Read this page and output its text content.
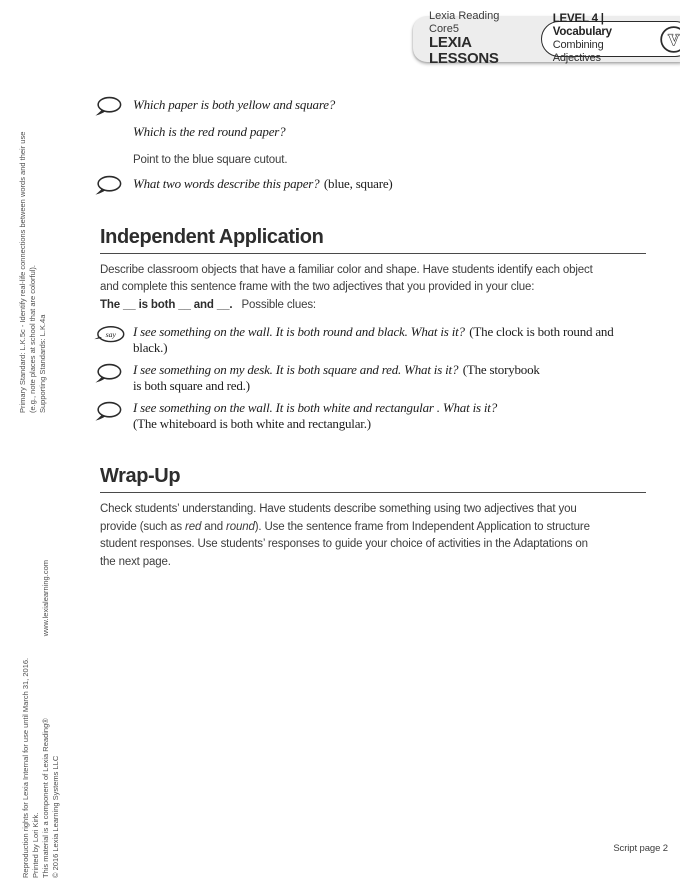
Lexia Reading Core5
LEXIA LESSONS
LEVEL 4 | Vocabulary
Combining Adjectives
V
Primary Standard: L.K.5c - Identify real-life connections between words and their use (e.g., note places at school that are colorful). Supporting Standards: L.K.4a
Reproduction rights for Lexia Internal for use until March 31, 2016. Printed by Lori Kirk. This material is a component of Lexia Reading®
www.lexialearning.com
© 2016 Lexia Learning Systems LLC
Which paper is both yellow and square?
Which is the red round paper?
Point to the blue square cutout.
What two words describe this paper? (blue, square)
Independent Application
Describe classroom objects that have a familiar color and shape. Have students identify each object
and complete this sentence frame with the two adjectives that you provided in your clue:
The __ is both __ and __. Possible clues:
say I see something on the wall. It is both round and black. What is it? (The clock is both round and
black.)
I see something on my desk. It is both square and red. What is it? (The storybook
is both square and red.)
I see something on the wall. It is both white and rectangular . What is it?
(The whiteboard is both white and rectangular.)
Wrap-Up
Check students’ understanding. Have students describe something using two adjectives that you
provide (such as red and round). Use the sentence frame from Independent Application to structure
student responses. Use students’ responses to guide your choice of activities in the Adaptations on
the next page.
Script page 2
